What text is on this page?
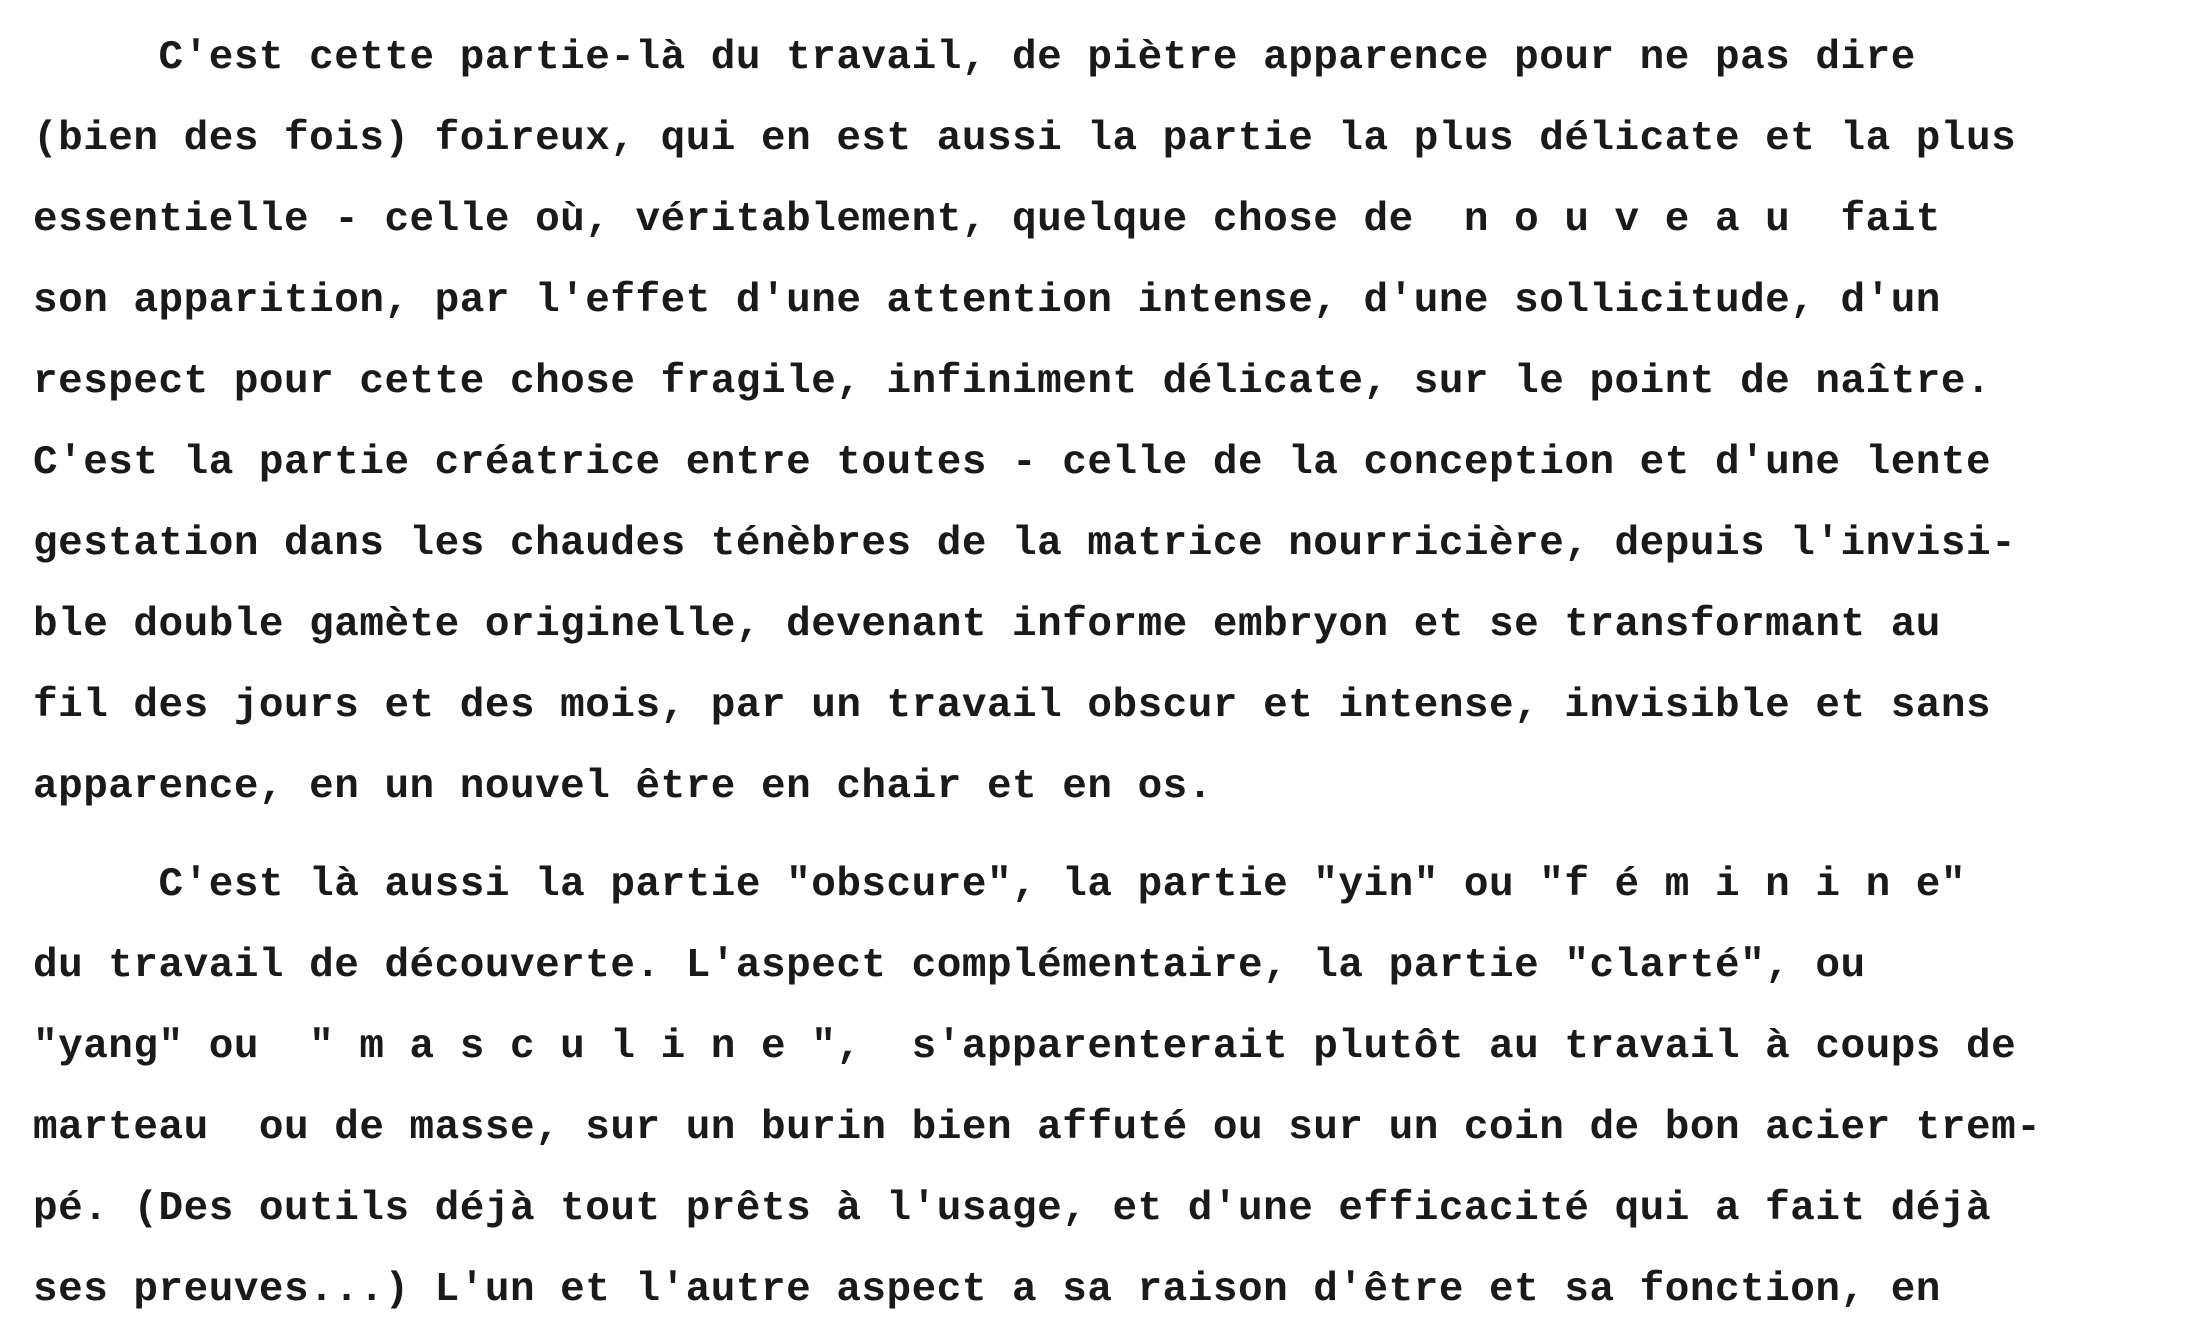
C'est cette partie-là du travail, de piètre apparence pour ne pas dire
(bien des fois) foireux, qui en est aussi la partie la plus délicate et la plus
essentielle - celle où, véritablement, quelque chose de  n o u v e a u  fait
son apparition, par l'effet d'une attention intense, d'une sollicitude, d'un
respect pour cette chose fragile, infiniment délicate, sur le point de naître.
C'est la partie créatrice entre toutes - celle de la conception et d'une lente
gestation dans les chaudes ténèbres de la matrice nourricière, depuis l'invisi-
ble double gamète originelle, devenant informe embryon et se transformant au
fil des jours et des mois, par un travail obscur et intense, invisible et sans
apparence, en un nouvel être en chair et en os.
C'est là aussi la partie "obscure", la partie "yin" ou "f é m i n i n e"
du travail de découverte. L'aspect complémentaire, la partie "clarté", ou
"yang" ou  " m a s c u l i n e ",  s'apparenterait plutôt au travail à coups de
marteau  ou de masse, sur un burin bien affuté ou sur un coin de bon acier trem-
pé. (Des outils déjà tout prêts à l'usage, et d'une efficacité qui a fait déjà
ses preuves...) L'un et l'autre aspect a sa raison d'être et sa fonction, en
